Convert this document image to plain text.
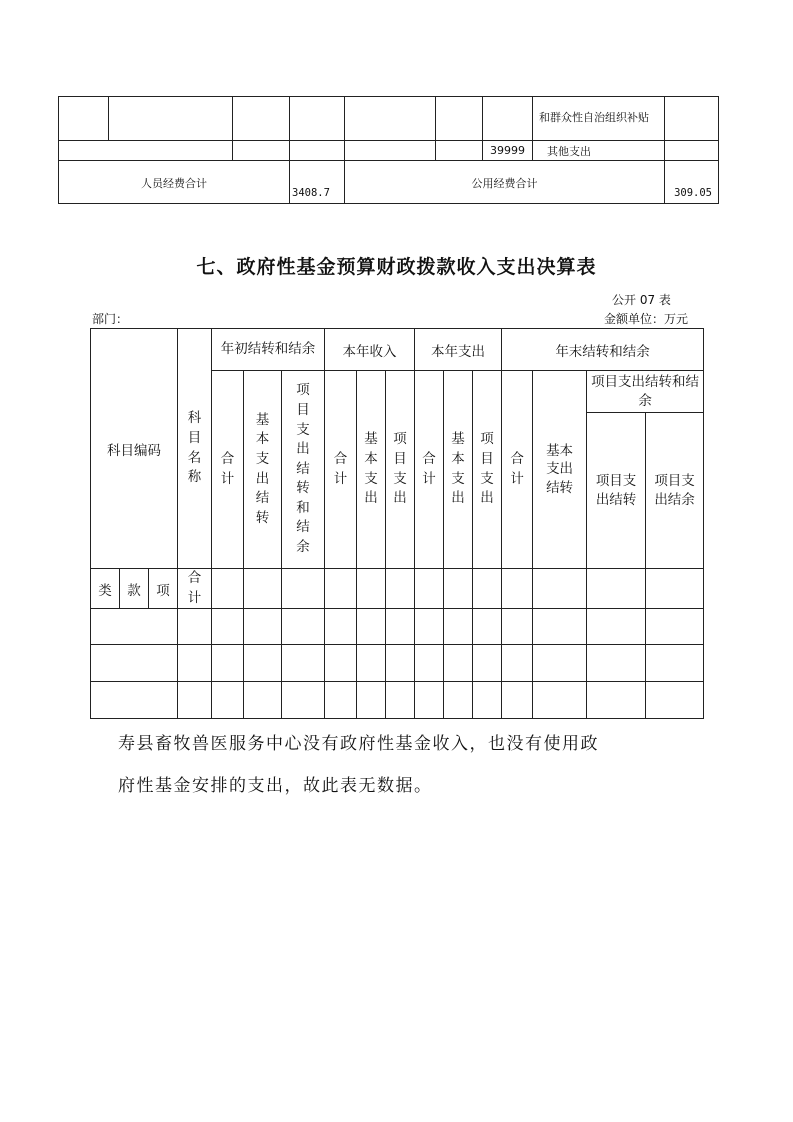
							和群众性自治组织补贴	
						39999	其他支出	
人员经费合计			3408.7	公用经费合计				309.05
七、政府性基金预算财政拨款收入支出决算表
公开 07 表
部门：	金额单位：万元
科目编码			科目名称	年初结转和结余			本年收入			本年支出			年末结转和结余			
				合计	基本支出结转	项目支出结转和结余	合计	基本支出	项目支出	合计	基本支出	项目支出	合计	基本支出结转	项目支出结转和结余	
															项目支出结转	项目支出结余
类	款	项	合计													

寿县畜牧兽医服务中心没有政府性基金收入，也没有使用政
府性基金安排的支出，故此表无数据。
